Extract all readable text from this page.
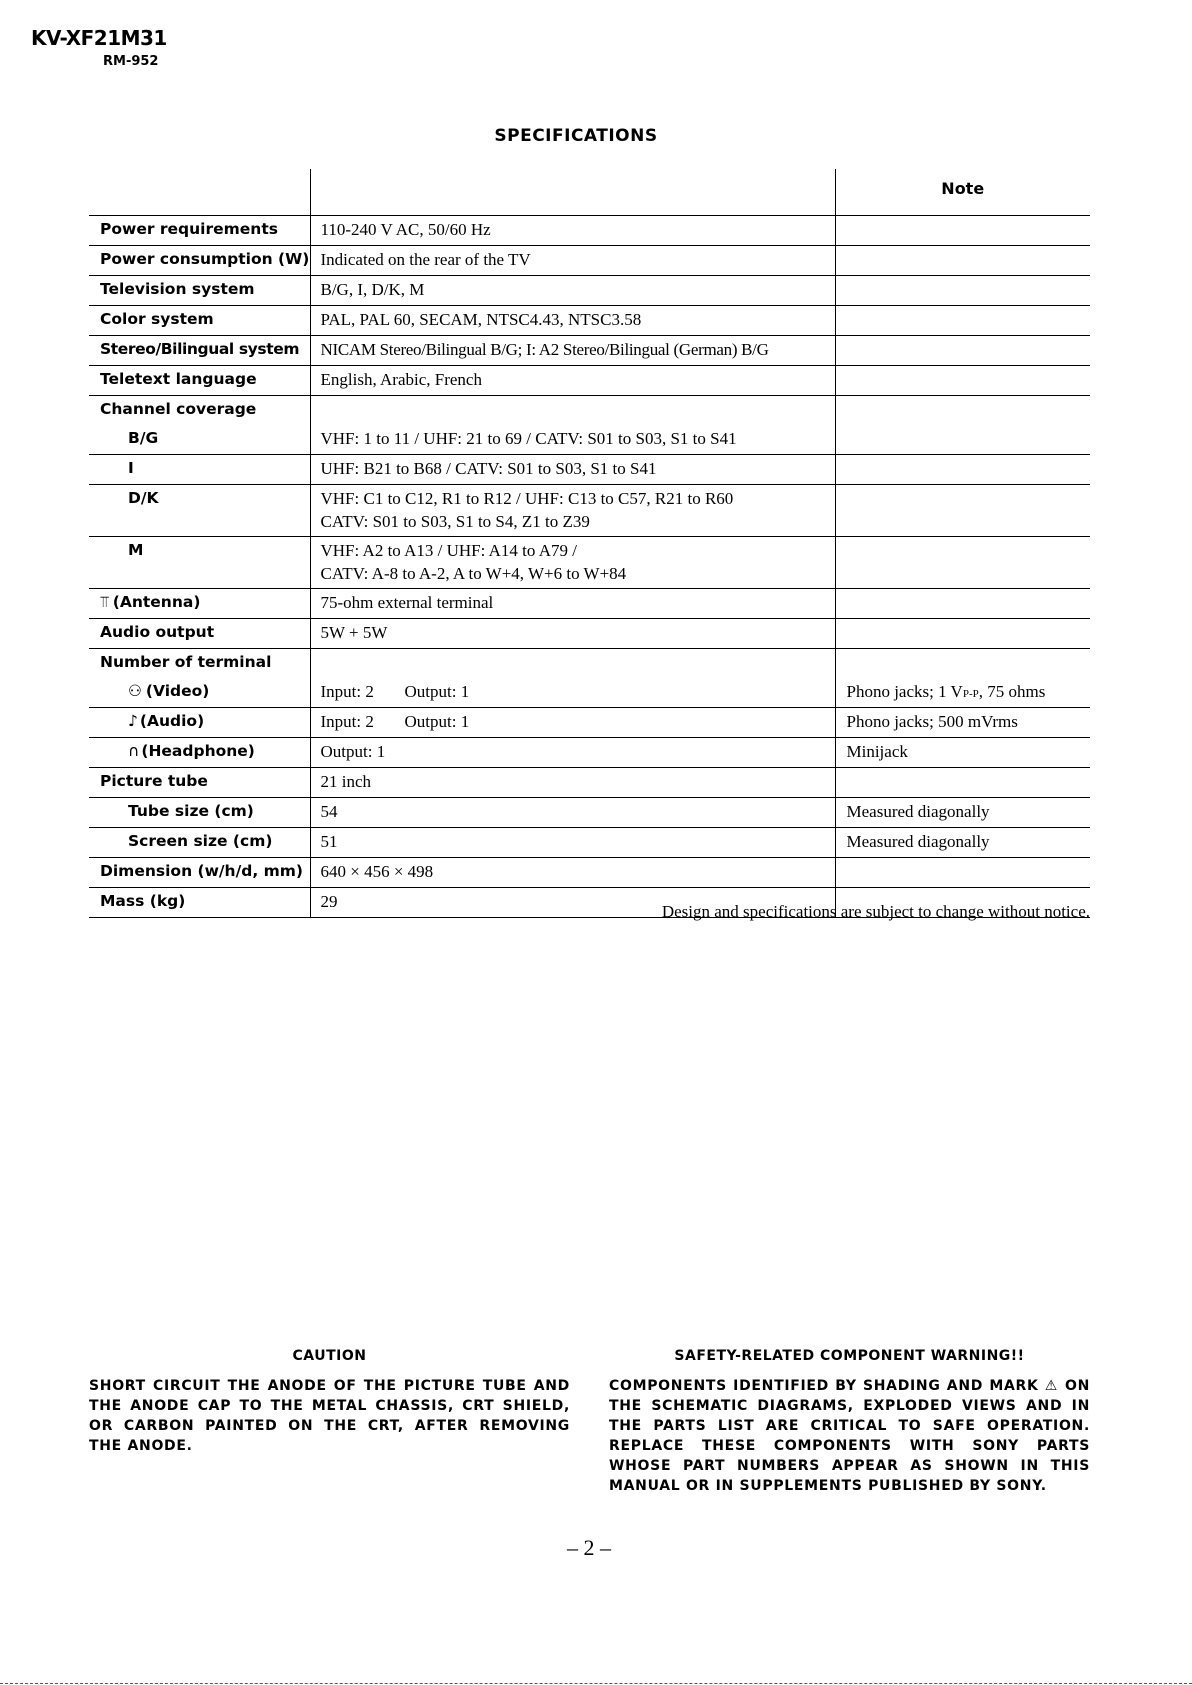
KV-XF21M31
RM-952
SPECIFICATIONS
		Note
Power requirements	110-240 V AC, 50/60 Hz	
Power consumption (W)	Indicated on the rear of the TV	
Television system	B/G, I, D/K, M	
Color system	PAL, PAL 60, SECAM, NTSC4.43, NTSC3.58	
Stereo/Bilingual system	NICAM Stereo/Bilingual B/G; I: A2 Stereo/Bilingual (German) B/G	
Teletext language	English, Arabic, French	
Channel coverage		
B/G	VHF: 1 to 11 / UHF: 21 to 69 / CATV: S01 to S03, S1 to S41	
I	UHF: B21 to B68 / CATV: S01 to S03, S1 to S41	
D/K	VHF: C1 to C12, R1 to R12 / UHF: C13 to C57, R21 to R60
CATV: S01 to S03, S1 to S4, Z1 to Z39	

M	VHF: A2 to A13 / UHF: A14 to A79 /
CATV: A-8 to A-2, A to W+4, W+6 to W+84	

⫪ (Antenna)	75-ohm external terminal	
Audio output	5W + 5W	
Number of terminal		
⚇ (Video)	Input: 2 Output: 1	Phono jacks; 1 VP-P, 75 ohms
♪ (Audio)	Input: 2 Output: 1	Phono jacks; 500 mVrms
∩ (Headphone)	Output: 1	Minijack
Picture tube	21 inch	
Tube size (cm)	54	Measured diagonally
Screen size (cm)	51	Measured diagonally
Dimension (w/h/d, mm)	640 × 456 × 498	
Mass (kg)	29	
Design and specifications are subject to change without notice.
CAUTION
SHORT CIRCUIT THE ANODE OF THE PICTURE TUBE AND THE ANODE CAP TO THE METAL CHASSIS, CRT SHIELD, OR CARBON PAINTED ON THE CRT, AFTER REMOVING THE ANODE.
SAFETY-RELATED COMPONENT WARNING!!
COMPONENTS IDENTIFIED BY SHADING AND MARK ⚠ ON THE SCHEMATIC DIAGRAMS, EXPLODED VIEWS AND IN THE PARTS LIST ARE CRITICAL TO SAFE OPERATION. REPLACE THESE COMPONENTS WITH SONY PARTS WHOSE PART NUMBERS APPEAR AS SHOWN IN THIS MANUAL OR IN SUPPLEMENTS PUBLISHED BY SONY.
– 2 –
